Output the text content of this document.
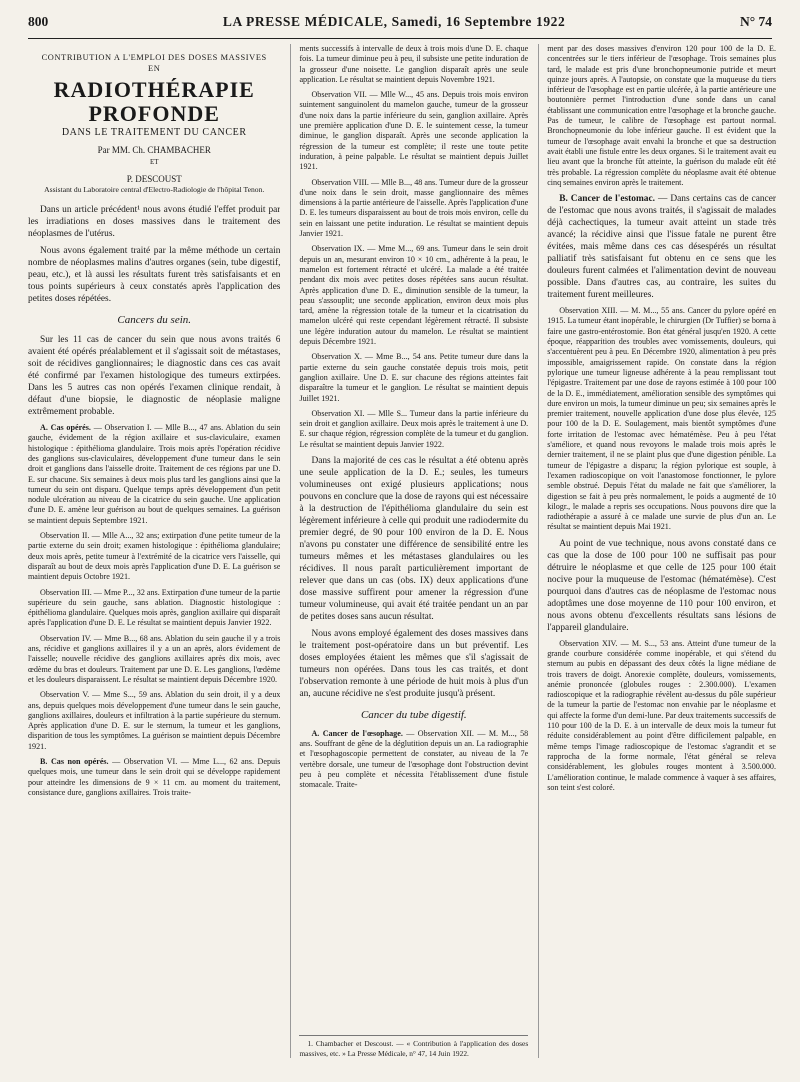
800	LA PRESSE MÉDICALE, Samedi, 16 Septembre 1922	N° 74
CONTRIBUTION A L'EMPLOI DES DOSES MASSIVES
EN
RADIOTHÉRAPIE PROFONDE
DANS LE TRAITEMENT DU CANCER
Par MM. Ch. CHAMBACHER
ET
P. DESCOUST
Assistant du Laboratoire central d'Electro-Radiologie de l'hôpital Tenon.

Dans un article précédent¹ nous avons étudié l'effet produit par les irradiations en doses massives dans le traitement des néoplasmes de l'utérus.

Nous avons également traité par la même méthode un certain nombre de néoplasmes malins d'autres organes (sein, tube digestif, peau, etc.), et là aussi les résultats furent très satisfaisants et en tous points supérieurs à ceux constatés après l'application des petites doses répétées.

Cancers du sein.

Sur les 11 cas de cancer du sein que nous avons traités 6 avaient été opérés préalablement et il s'agissait soit de métastases, soit de récidives ganglionnaires; le diagnostic dans ces cas avait été confirmé par l'examen histologique des tumeurs extirpées. Dans les 5 autres cas non opérés l'examen clinique rendait, à défaut d'une biopsie, le diagnostic de néoplasie maligne extrêmement probable.

A. Cas opérés. — Observation I. — Mlle B..., 47 ans. Ablation du sein gauche, évidement de la région axillaire et sus-claviculaire, examen histologique : épithélioma glandulaire. Trois mois après l'opération récidive des ganglions sus-claviculaires, développement d'une tumeur dans le sein droit et ganglions dans l'aisselle droite. Traitement de ces régions par une D. E. sur chacune. Six semaines à deux mois plus tard les ganglions ainsi que la tumeur du sein ont disparu. Quelque temps après développement d'un petit nodule ulcération au niveau de la cicatrice du sein gauche. Une application d'une D. E. amène leur guérison au bout de quelques semaines. La guérison se maintient depuis Septembre 1921.

Observation II. — Mlle A..., 32 ans; extirpation d'une petite tumeur de la partie externe du sein droit; examen histologique : épithélioma glandulaire; deux mois après, petite tumeur à l'extrémité de la cicatrice vers l'aisselle, qui disparaît au bout de deux mois après l'application d'une D. E. La guérison se maintient depuis Octobre 1921.

Observation III. — Mme P..., 32 ans. Extirpation d'une tumeur de la partie supérieure du sein gauche, sans ablation. Diagnostic histologique : épithélioma glandulaire. Quelques mois après, ganglion axillaire qui disparaît après l'application d'une D. E. Le résultat se maintient depuis Janvier 1922.

Observation IV. — Mme B..., 68 ans. Ablation du sein gauche il y a trois ans, récidive et ganglions axillaires il y a un an après, alors évidement de l'aisselle; nouvelle récidive des ganglions axillaires après dix mois, avec œdème du bras et douleurs. Traitement par une D. E. Les ganglions, l'œdème et les douleurs disparaissent. Le résultat se maintient depuis Décembre 1920.

Observation V. — Mme S..., 59 ans. Ablation du sein droit, il y a deux ans, depuis quelques mois développement d'une tumeur dans le sein gauche, ganglions axillaires, douleurs et infiltration à la partie supérieure du sternum. Après application d'une D. E. sur le sternum, la tumeur et les ganglions, disparition de tous les symptômes. La guérison se maintient depuis Décembre 1921.

B. Cas non opérés. — Observation VI. — Mme L..., 62 ans. Depuis quelques mois, une tumeur dans le sein droit qui se développe rapidement pour atteindre les dimensions de 9 × 11 cm. au moment du traitement, consistance dure, ganglions axillaires. Trois traite-

ments successifs à intervalle de deux à trois mois d'une D. E. chaque fois. La tumeur diminue peu à peu, il subsiste une petite induration de la grosseur d'une noisette. Le ganglion disparaît après une seule application. Le résultat se maintient depuis Novembre 1921.

Observation VII. — Mlle W..., 45 ans. Depuis trois mois environ suintement sanguinolent du mamelon gauche, tumeur de la grosseur d'une noix dans la partie inférieure du sein, ganglion axillaire. Après une première application d'une D. E. le suintement cesse, la tumeur diminue, le ganglion disparaît. Après une seconde application la régression de la tumeur est complète; il reste une toute petite induration, à peine palpable. Le résultat se maintient depuis Juillet 1921.

Observation VIII. — Mlle B..., 48 ans. Tumeur dure de la grosseur d'une noix dans le sein droit, masse ganglionnaire des mêmes dimensions à la partie antérieure de l'aisselle. Après l'application d'une D. E. les tumeurs disparaissent au bout de trois mois environ, celle du sein en laissant une petite induration. Le résultat se maintient depuis Janvier 1921.

Observation IX. — Mme M..., 69 ans. Tumeur dans le sein droit depuis un an, mesurant environ 10 × 10 cm., adhérente à la peau, le mamelon est fortement rétracté et ulcéré. La malade a été traitée pendant dix mois avec petites doses répétées sans aucun résultat. Après application d'une D. E., diminution sensible de la tumeur, la peau s'assouplit; une seconde application, environ deux mois plus tard, amène la régression totale de la tumeur et la cicatrisation du mamelon ulcéré qui reste cependant légèrement rétracté. Il subsiste une légère induration autour du mamelon. Le résultat se maintient depuis Décembre 1921.

Observation X. — Mme B..., 54 ans. Petite tumeur dure dans la partie externe du sein gauche constatée depuis trois mois, petit ganglion axillaire. Une D. E. sur chacune des régions atteintes fait disparaître la tumeur et le ganglion. Le résultat se maintient depuis Juillet 1921.

Observation XI. — Mlle S... Tumeur dans la partie inférieure du sein droit et ganglion axillaire. Deux mois après le traitement à une D. E. sur chaque région, régression complète de la tumeur et du ganglion. Le résultat se maintient depuis Janvier 1922.

Dans la majorité de ces cas le résultat a été obtenu après une seule application de la D. E.; seules, les tumeurs volumineuses ont exigé plusieurs applications; nous pouvons en conclure que la dose de rayons qui est nécessaire à la destruction de l'épithélioma glandulaire du sein est légèrement inférieure à celle qui produit une radiodermite du premier degré, de 90 pour 100 environ de la D. E. Nous n'avons pu constater une différence de sensibilité entre les tumeurs mêmes et les métastases glandulaires ou les récidives. Il nous paraît particulièrement important de relever que dans un cas (obs. IX) deux applications d'une dose massive suffirent pour amener la régression d'une tumeur volumineuse, qui avait été traitée pendant un an par de petites doses sans aucun résultat.

Nous avons employé également des doses massives dans le traitement post-opératoire dans un but préventif. Les doses employées étaient les mêmes que s'il s'agissait de tumeurs non opérées. Dans tous les cas traités, et dont l'observation remonte à une période de huit mois à plus d'un an, aucune récidive ne s'est produite jusqu'à présent.

Cancer du tube digestif.

A. Cancer de l'œsophage. — Observation XII. — M. M..., 58 ans. Souffrant de gêne de la déglutition depuis un an. La radiographie et l'œsophagoscopie permettent de constater, au niveau de la 7e vertèbre dorsale, une tumeur de l'œsophage dont l'obstruction devint peu à peu complète et nécessita l'établissement d'une fistule stomacale. Traite-

1. Chambacher et Descoust. — « Contribution à l'application des doses massives, etc. » La Presse Médicale, n° 47, 14 Juin 1922.

ment par des doses massives d'environ 120 pour 100 de la D. E. concentrées sur le tiers inférieur de l'œsophage. Trois semaines plus tard, le malade est pris d'une bronchopneumonie putride et meurt quinze jours après. A l'autopsie, on constate que la muqueuse du tiers inférieur de l'œsophage est en partie ulcérée, à la partie antérieure une boutonnière permet l'introduction d'une sonde dans un canal établissant une communication entre l'œsophage et la bronche gauche. Pas de tumeur, le calibre de l'œsophage est partout normal. Bronchopneumonie du lobe inférieur gauche. Il est évident que la tumeur de l'œsophage avait envahi la bronche et que sa destruction avait établi une fistule entre les deux organes. Si le traitement avait eu lieu avant que la bronche fût atteinte, la guérison du malade eût été très probable. La régression complète du néoplasme avait été obtenue cinq semaines environ après le traitement.

B. Cancer de l'estomac. — Dans certains cas de cancer de l'estomac que nous avons traités, il s'agissait de malades déjà cachectiques, la tumeur avait atteint un stade très avancé; la récidive ainsi que l'issue fatale ne purent être évitées, mais même dans ces cas désespérés un résultat palliatif très satisfaisant fut obtenu en ce sens que les douleurs furent calmées et l'alimentation devint de nouveau possible. Dans d'autres cas, au contraire, les suites du traitement furent meilleures.

Observation XIII. — M. M..., 55 ans. Cancer du pylore opéré en 1915. La tumeur étant inopérable, le chirurgien (Dr Tuffier) se borna à faire une gastro-entérostomie. Bon état général jusqu'en 1920. A cette époque, réapparition des troubles avec vomissements, douleurs, qui s'accentuèrent peu à peu. En Décembre 1920, alimentation à peu près impossible, amaigrissement rapide. On constate dans la région pylorique une tumeur ligneuse adhérente à la peau remplissant tout l'épigastre. Traitement par une dose de rayons estimée à 100 pour 100 de la D. E., immédiatement, amélioration sensible des symptômes qui dure environ un mois, la tumeur diminue un peu; six semaines après le premier traitement, nouvelle application d'une dose plus élevée, 125 pour 100 de la D. E. Soulagement, mais bientôt symptômes d'une forte irritation de l'estomac avec hématémèse. Peu à peu l'état s'améliore, et quand nous revoyons le malade trois mois après le dernier traitement, il ne se plaint plus que d'une digestion pénible. La tumeur de l'épigastre a disparu; la région pylorique est souple, à l'examen radioscopique on voit l'anastomose fonctionner, le pylore semble obstrué. Depuis l'état du malade ne fait que s'améliorer, la digestion se fait à peu près normalement, le poids a augmenté de 10 kilogr., le malade a repris ses occupations. Nous pouvons dire que la radiothérapie a assuré à ce malade une survie de plus d'un an. Le résultat se maintient depuis Mai 1921.

Au point de vue technique, nous avons constaté dans ce cas que la dose de 100 pour 100 ne suffisait pas pour détruire le néoplasme et que celle de 125 pour 100 était nocive pour la muqueuse de l'estomac (hématémèse). C'est pourquoi dans d'autres cas de néoplasme de l'estomac nous adoptâmes une dose moyenne de 110 pour 100 environ, et nous avons obtenu d'excellents résultats sans lésions de l'appareil glandulaire.

Observation XIV. — M. S..., 53 ans. Atteint d'une tumeur de la grande courbure considérée comme inopérable, et qui s'étend du sternum au pubis en dépassant des deux côtés la ligne médiane de trois travers de doigt. Anorexie complète, douleurs, vomissements, anémie prononcée (globules rouges : 2.300.000). L'examen radioscopique et la radiographie révèlent au-dessus du pôle supérieur de la tumeur la partie de l'estomac non envahie par le néoplasme et qui affecte la forme d'un demi-lune. Par deux traitements successifs de 110 pour 100 de la D. E. à un intervalle de deux mois la tumeur fut réduite considérablement au point d'être difficilement palpable, en même temps l'image radioscopique de l'estomac s'agrandit et se rapprocha de la forme normale, l'état général se releva considérablement, les globules rouges montent à 3.500.000. L'amélioration continue, le malade commence à vaquer à ses affaires, son teint s'est coloré.
